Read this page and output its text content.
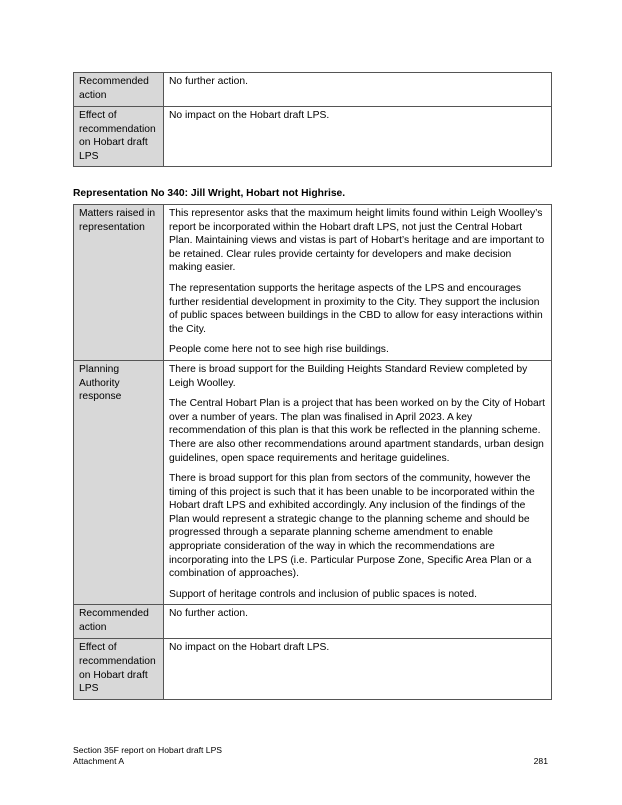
Recommended action	No further action.
Effect of recommendation on Hobart draft LPS	No impact on the Hobart draft LPS.
Representation No 340: Jill Wright, Hobart not Highrise.
Matters raised in representation	This representor asks that the maximum height limits found within Leigh Woolley’s report be incorporated within the Hobart draft LPS, not just the Central Hobart Plan. Maintaining views and vistas is part of Hobart’s heritage and are important to be retained. Clear rules provide certainty for developers and make decision making easier.

The representation supports the heritage aspects of the LPS and encourages further residential development in proximity to the City. They support the inclusion of public spaces between buildings in the CBD to allow for easy interactions within the City.

People come here not to see high rise buildings.

Planning Authority response	There is broad support for the Building Heights Standard Review completed by Leigh Woolley.

The Central Hobart Plan is a project that has been worked on by the City of Hobart over a number of years. The plan was finalised in April 2023. A key recommendation of this plan is that this work be reflected in the planning scheme. There are also other recommendations around apartment standards, urban design guidelines, open space requirements and heritage guidelines.

There is broad support for this plan from sectors of the community, however the timing of this project is such that it has been unable to be incorporated within the Hobart draft LPS and exhibited accordingly. Any inclusion of the findings of the Plan would represent a strategic change to the planning scheme and should be progressed through a separate planning scheme amendment to enable appropriate consideration of the way in which the recommendations are incorporating into the LPS (i.e. Particular Purpose Zone, Specific Area Plan or a combination of approaches).

Support of heritage controls and inclusion of public spaces is noted.

Recommended action	No further action.
Effect of recommendation on Hobart draft LPS	No impact on the Hobart draft LPS.
Section 35F report on Hobart draft LPS
Attachment A	281
